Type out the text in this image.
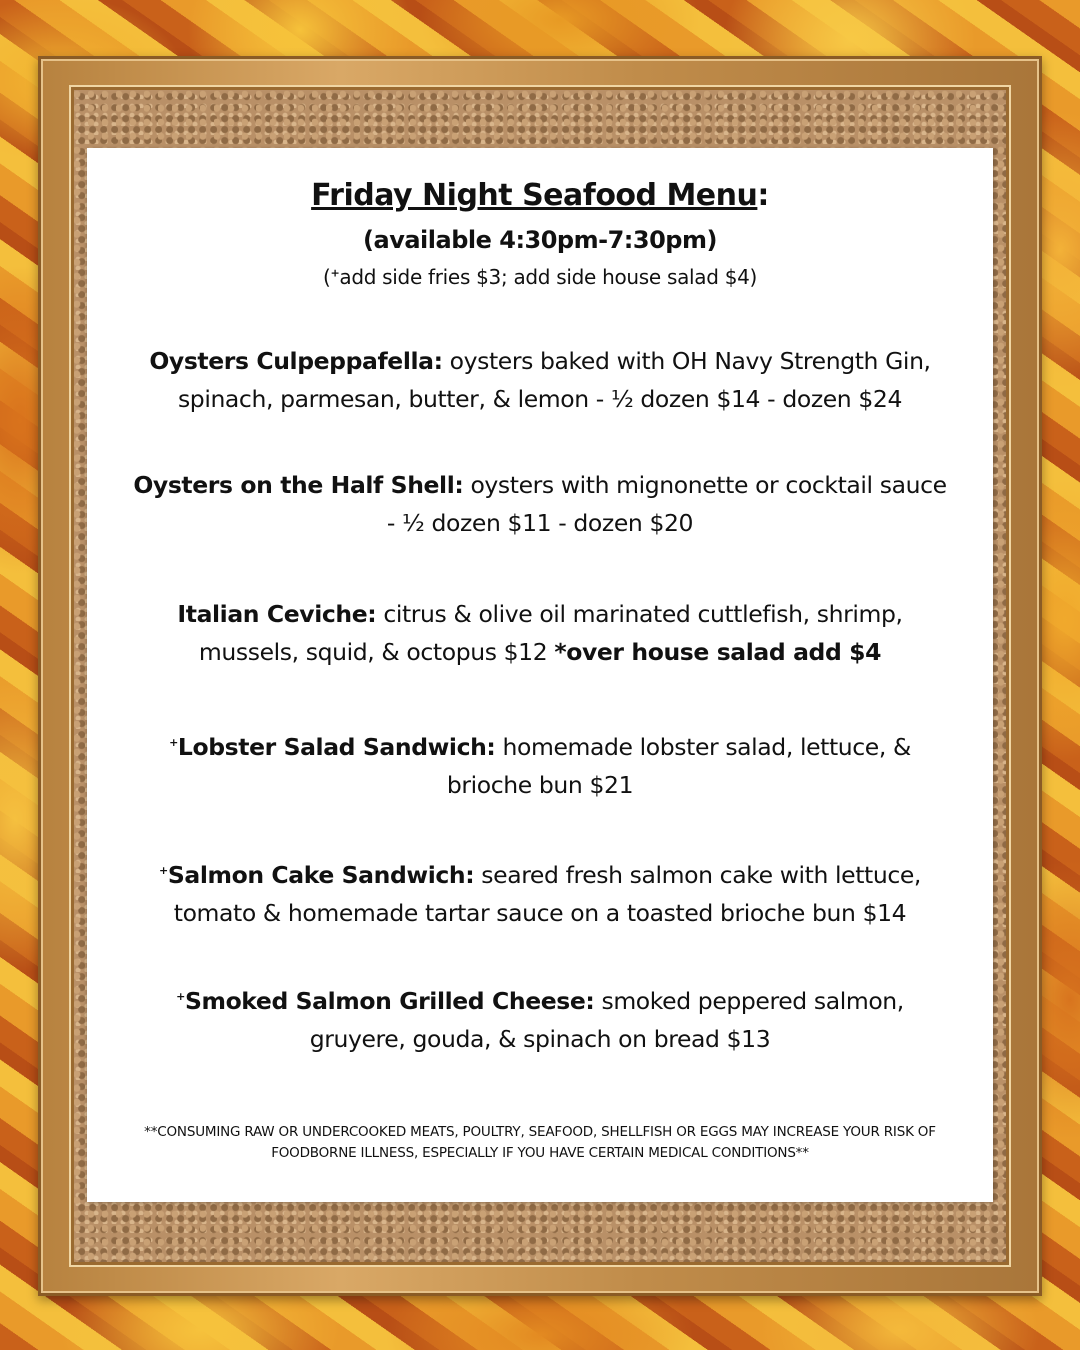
Friday Night Seafood Menu:
(available 4:30pm-7:30pm)
(+add side fries $3; add side house salad $4)
Oysters Culpeppafella: oysters baked with OH Navy Strength Gin, spinach, parmesan, butter, & lemon - ½ dozen $14 - dozen $24
Oysters on the Half Shell: oysters with mignonette or cocktail sauce - ½ dozen $11 - dozen $20
Italian Ceviche: citrus & olive oil marinated cuttlefish, shrimp, mussels, squid, & octopus $12 *over house salad add $4
+Lobster Salad Sandwich: homemade lobster salad, lettuce, & brioche bun $21
+Salmon Cake Sandwich: seared fresh salmon cake with lettuce, tomato & homemade tartar sauce on a toasted brioche bun $14
+Smoked Salmon Grilled Cheese: smoked peppered salmon, gruyere, gouda, & spinach on bread $13
**CONSUMING RAW OR UNDERCOOKED MEATS, POULTRY, SEAFOOD, SHELLFISH OR EGGS MAY INCREASE YOUR RISK OF FOODBORNE ILLNESS, ESPECIALLY IF YOU HAVE CERTAIN MEDICAL CONDITIONS**
